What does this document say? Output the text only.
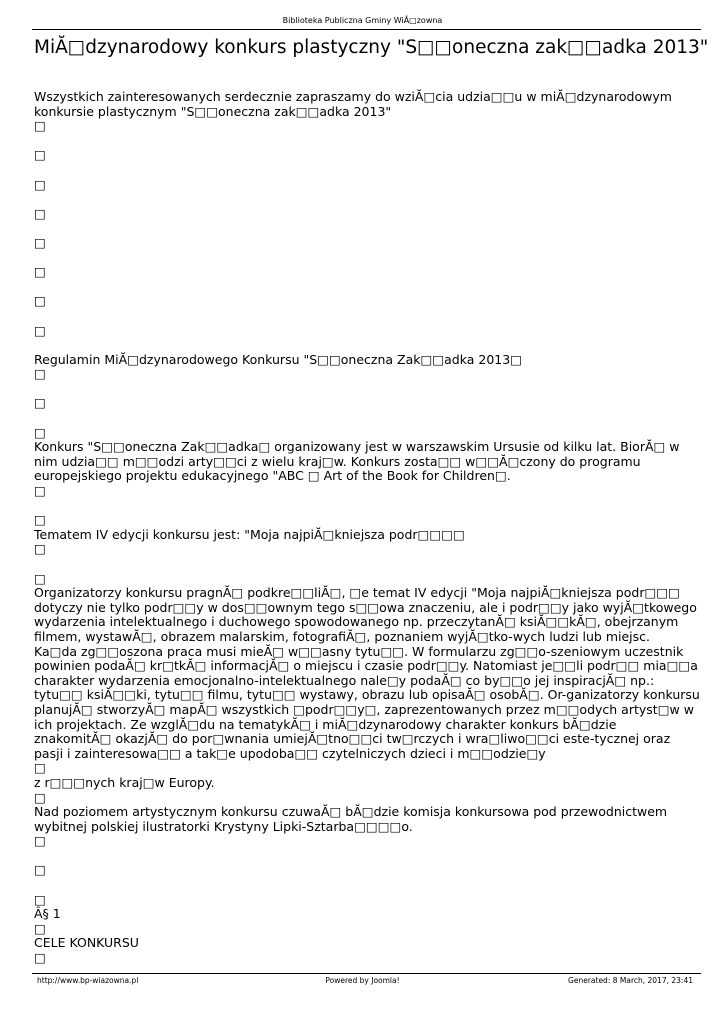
Biblioteka Publiczna Gminy WiĂ□zowna
MiĂ□dzynarodowy konkurs plastyczny "S□□oneczna zak□□adka 2013"
Wszystkich zainteresowanych serdecznie zapraszamy do wziĂ□cia udzia□□u w miĂ□dzynarodowym
konkursie plastycznym "S□□oneczna zak□□adka 2013"
□
□
□
□
□
□
□
□
Regulamin MiĂ□dzynarodowego Konkursu "S□□oneczna Zak□□adka 2013□
□
□
□
Konkurs "S□□oneczna Zak□□adka□ organizowany jest w warszawskim Ursusie od kilku lat. BiorĂ□ w
nim udzia□□ m□□odzi arty□□ci z wielu kraj□w. Konkurs zosta□□ w□□Ă□czony do programu
europejskiego projektu edukacyjnego "ABC □ Art of the Book for Children□.
□
□
Tematem IV edycji konkursu jest: "Moja najpiĂ□kniejsza podr□□□□
□
□
Organizatorzy konkursu pragnĂ□ podkre□□liĂ□, □e temat IV edycji "Moja najpiĂ□kniejsza podr□□□
dotyczy nie tylko podr□□y w dos□□ownym tego s□□owa znaczeniu, ale i podr□□y jako wyjĂ□tkowego
wydarzenia intelektualnego i duchowego spowodowanego np. przeczytanĂ□ ksiĂ□□kĂ□, obejrzanym
filmem, wystawĂ□, obrazem malarskim, fotografiĂ□, poznaniem wyjĂ□tko-wych ludzi lub miejsc.
Ka□da zg□□oszona praca musi mieĂ□ w□□asny tytu□□. W formularzu zg□□o-szeniowym uczestnik
powinien podaĂ□ kr□tkĂ□ informacjĂ□ o miejscu i czasie podr□□y. Natomiast je□□li podr□□ mia□□a
charakter wydarzenia emocjonalno-intelektualnego nale□y podaĂ□ co by□□o jej inspiracjĂ□ np.:
tytu□□ ksiĂ□□ki, tytu□□ filmu, tytu□□ wystawy, obrazu lub opisaĂ□ osobĂ□. Or-ganizatorzy konkursu
planujĂ□ stworzyĂ□ mapĂ□ wszystkich □podr□□y□, zaprezentowanych przez m□□odych artyst□w w
ich projektach. Ze wzglĂ□du na tematykĂ□ i miĂ□dzynarodowy charakter konkurs bĂ□dzie
znakomitĂ□ okazjĂ□ do por□wnania umiejĂ□tno□□ci tw□rczych i wra□liwo□□ci este-tycznej oraz
pasji i zainteresowa□□ a tak□e upodoba□□ czytelniczych dzieci i m□□odzie□y
□
z r□□□nych kraj□w Europy.
□
Nad poziomem artystycznym konkursu czuwaĂ□ bĂ□dzie komisja konkursowa pod przewodnictwem
wybitnej polskiej ilustratorki Krystyny Lipki-Sztarba□□□□o.
□
□
□
Â§ 1
□
CELE KONKURSU
□
http://www.bp-wiazowna.pl	Powered by Joomla!	Generated: 8 March, 2017, 23:41
